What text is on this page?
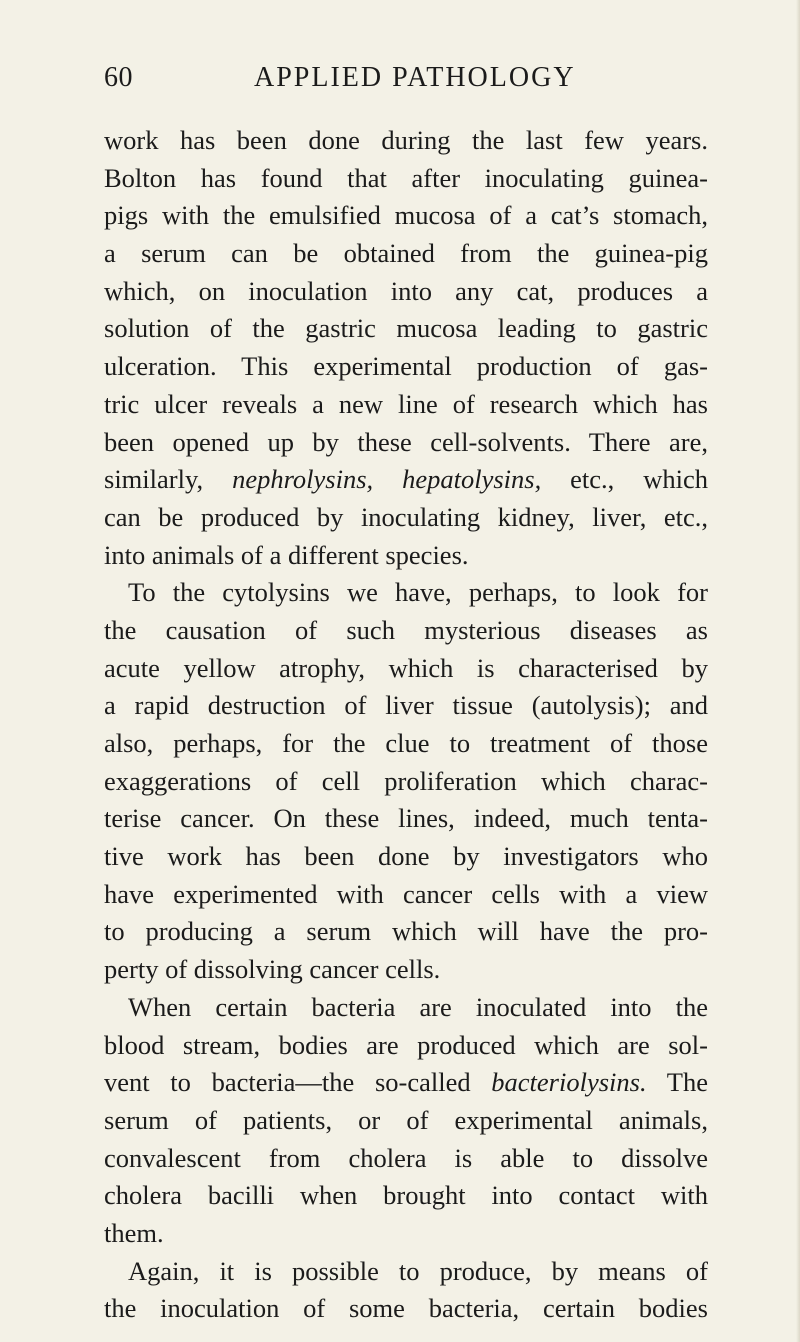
60	APPLIED PATHOLOGY
work has been done during the last few years.
Bolton has found that after inoculating guinea-
pigs with the emulsified mucosa of a cat’s stomach,
a serum can be obtained from the guinea-pig
which, on inoculation into any cat, produces a
solution of the gastric mucosa leading to gastric
ulceration. This experimental production of gas-
tric ulcer reveals a new line of research which has
been opened up by these cell-solvents. There are,
similarly, nephrolysins, hepatolysins, etc., which
can be produced by inoculating kidney, liver, etc.,
into animals of a different species.
To the cytolysins we have, perhaps, to look for
the causation of such mysterious diseases as
acute yellow atrophy, which is characterised by
a rapid destruction of liver tissue (autolysis); and
also, perhaps, for the clue to treatment of those
exaggerations of cell proliferation which charac-
terise cancer. On these lines, indeed, much tenta-
tive work has been done by investigators who
have experimented with cancer cells with a view
to producing a serum which will have the pro-
perty of dissolving cancer cells.
When certain bacteria are inoculated into the
blood stream, bodies are produced which are sol-
vent to bacteria—the so-called bacteriolysins. The
serum of patients, or of experimental animals,
convalescent from cholera is able to dissolve
cholera bacilli when brought into contact with
them.
Again, it is possible to produce, by means of
the inoculation of some bacteria, certain bodies
